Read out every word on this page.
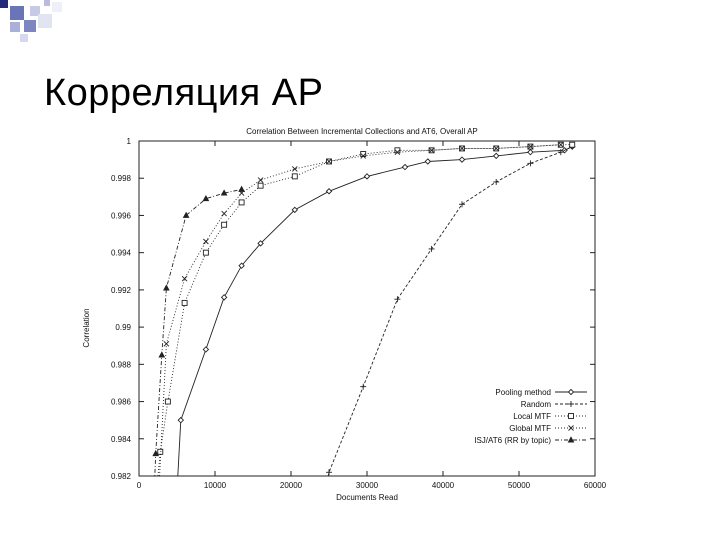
Корреляция AP
Correlation Between Incremental Collections and AT6, Overall AP
Correlation
Documents Read
0	10000	20000	30000	40000	50000	60000
0.982
0.984
0.986
0.988
0.99
0.992
0.994
0.996
0.998
1
Pooling method
Random
Local MTF
Global MTF
ISJ/AT6 (RR by topic)
